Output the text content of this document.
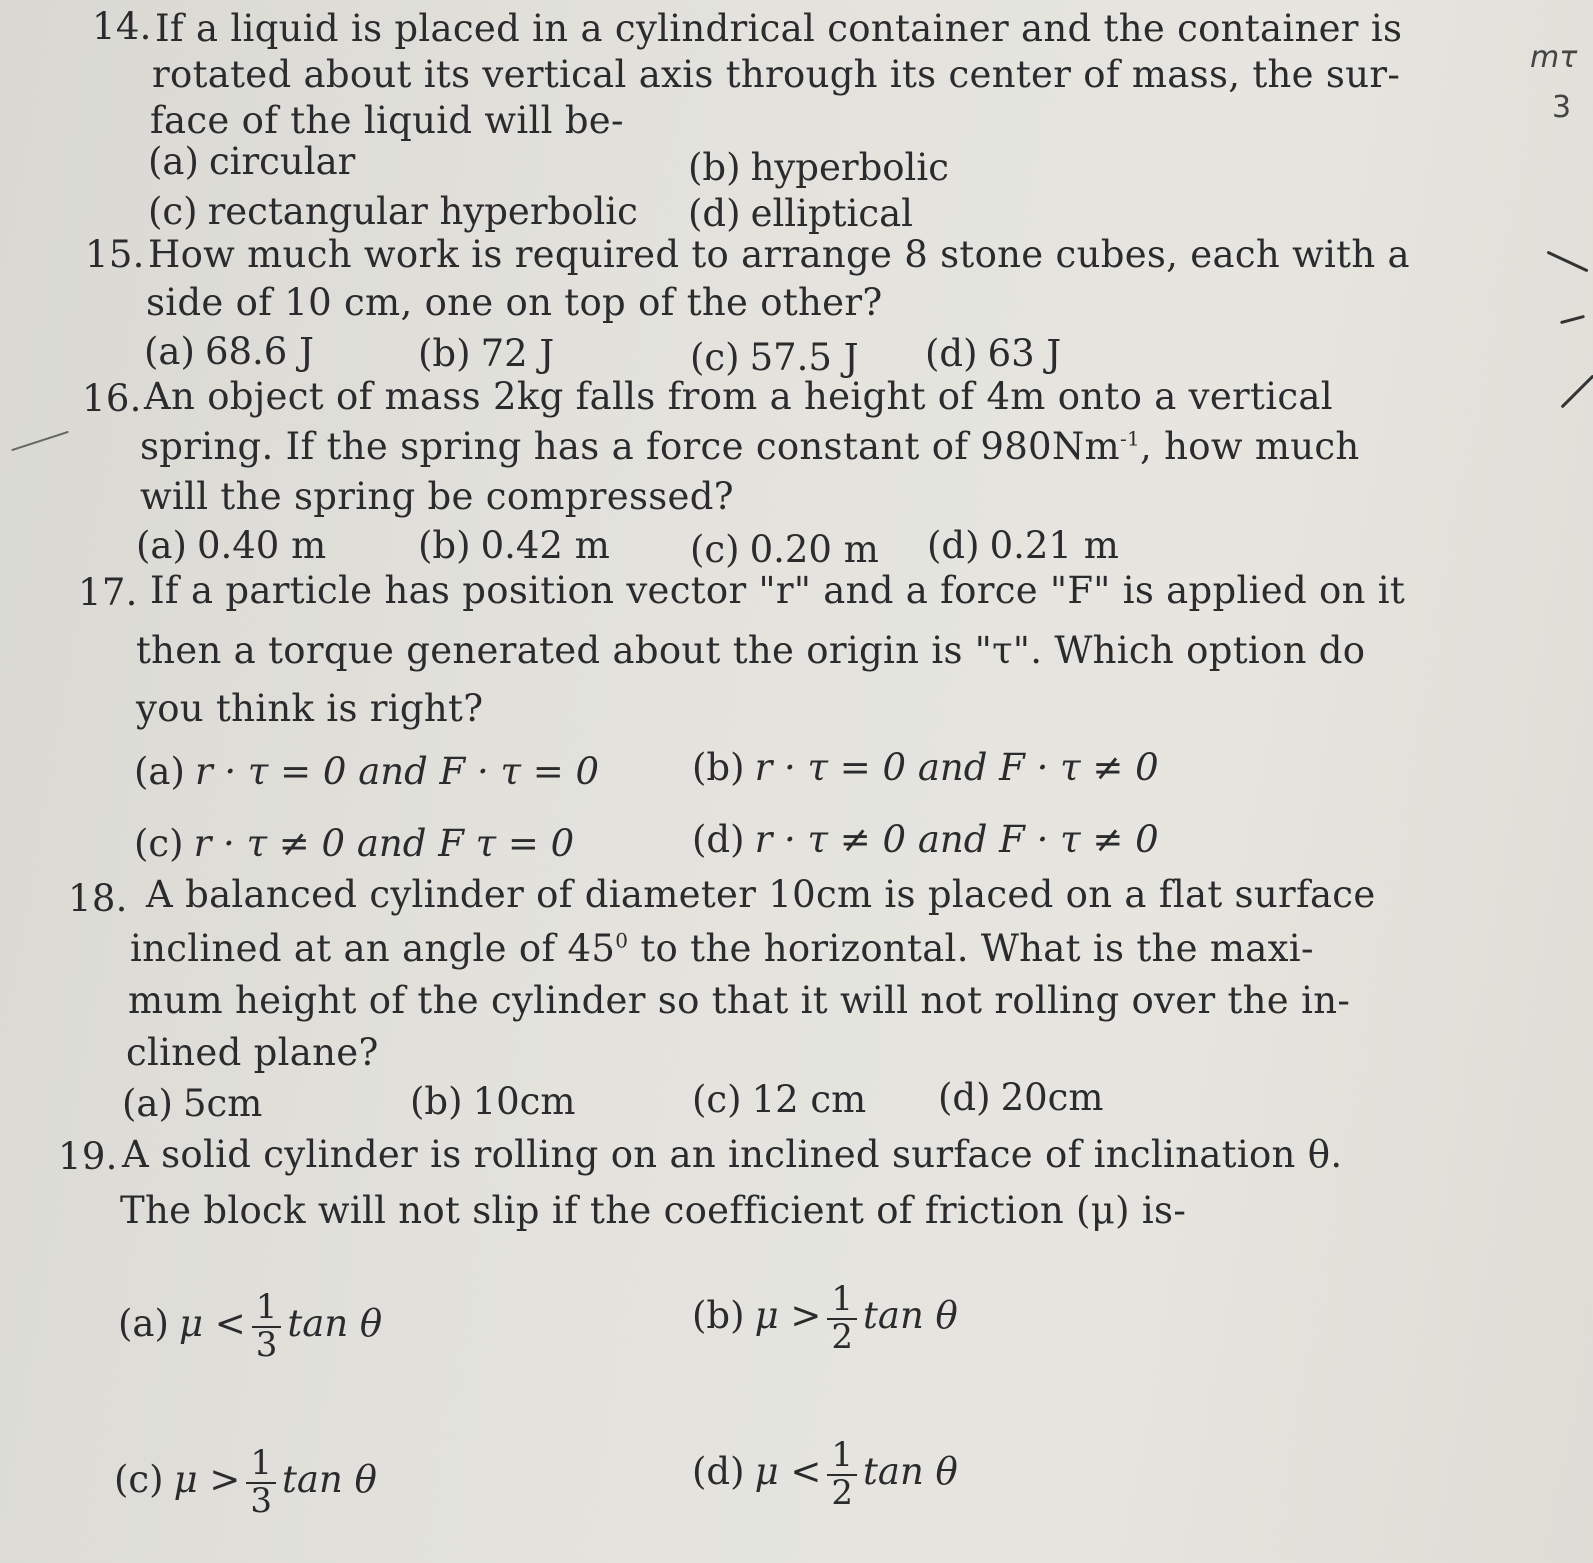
mτ
3
14. If a liquid is placed in a cylindrical container and the container is
rotated about its vertical axis through its center of mass, the sur-
face of the liquid will be-
(a) circular	(b) hyperbolic
(c) rectangular hyperbolic (d) elliptical
15. How much work is required to arrange 8 stone cubes, each with a
side of 10 cm, one on top of the other?
(a) 68.6 J	(b) 72 J	(c) 57.5 J (d) 63 J
16. An object of mass 2kg falls from a height of 4m onto a vertical
spring. If the spring has a force constant of $980Nm^{-1}$, how much
will the spring be compressed?
(a) 0.40 m (b) 0.42 m (c) 0.20 m (d) 0.21 m
17. If a particle has position vector "r" and a force "F" is applied on it
then a torque generated about the origin is "τ". Which option do
you think is right?
(a) r · τ = 0 and F · τ = 0	(b) r · τ = 0 and F · τ ≠ 0
(c) r · τ ≠ 0 and F τ = 0	(d) r · τ ≠ 0 and F · τ ≠ 0
18. A balanced cylinder of diameter 10cm is placed on a flat surface
inclined at an angle of $45^0$ to the horizontal. What is the maxi-
mum height of the cylinder so that it will not rolling over the in-
clined plane?
(a) 5cm	(b) 10cm	(c) 12 cm (d) 20cm
19. A solid cylinder is rolling on an inclined surface of inclination θ.
The block will not slip if the coefficient of friction (μ) is-
(a) $\mu < \frac{1}{3}$ tan θ	(b) $\mu > \frac{1}{2}$ tan θ
(c) $\mu > \frac{1}{3}$ tan θ	(d) $\mu < \frac{1}{2}$ tan θ
